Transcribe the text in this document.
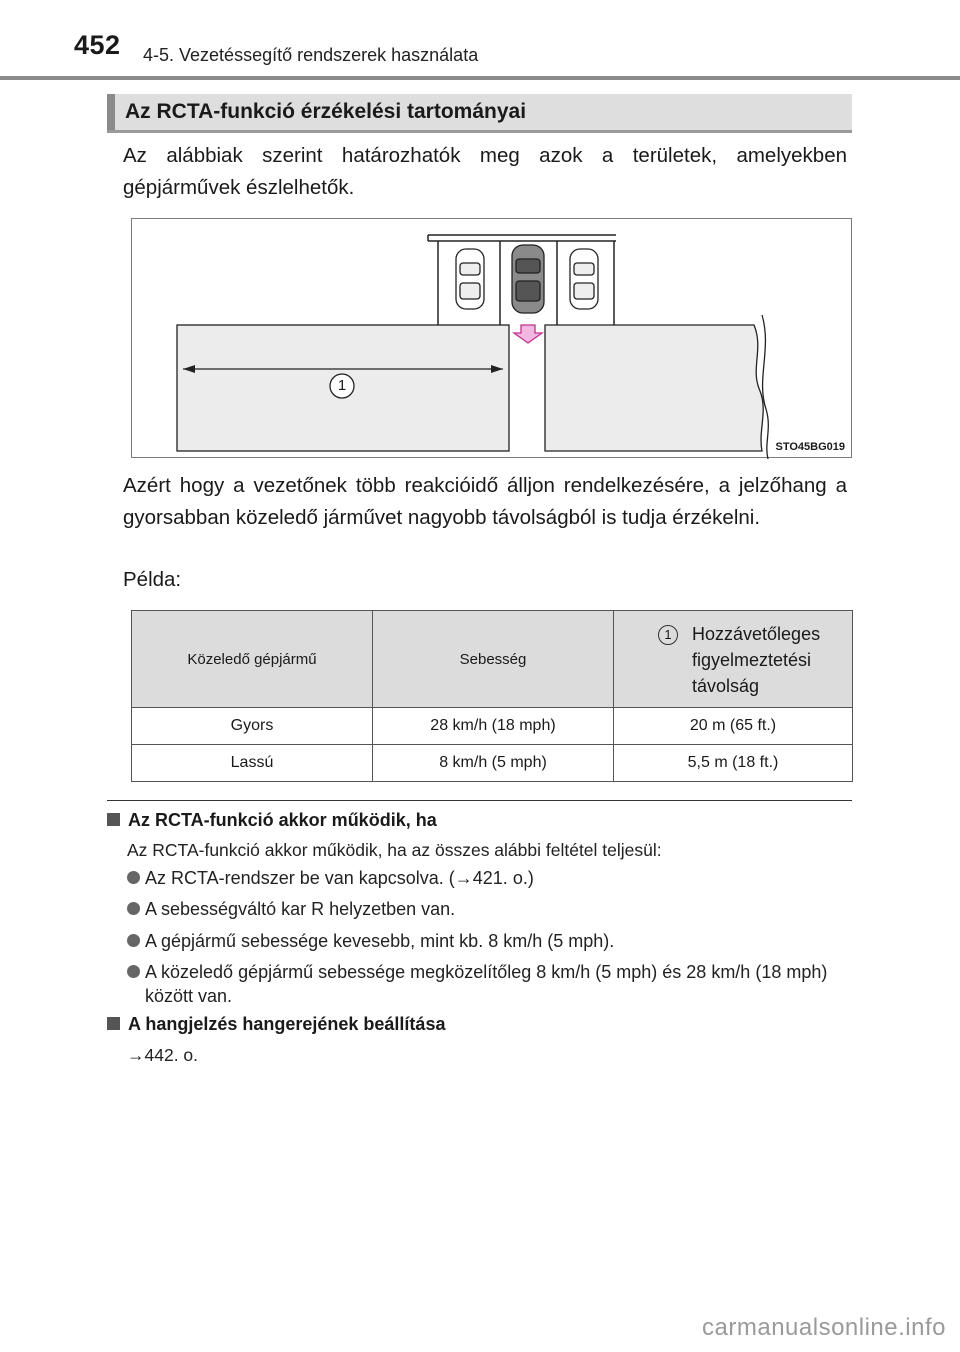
452 4-5. Vezetéssegítő rendszerek használata
Az RCTA-funkció érzékelési tartományai
Az alábbiak szerint határozhatók meg azok a területek, amelyekben gépjárművek észlelhetők.
1
STO45BG019
Azért hogy a vezetőnek több reakcióidő álljon rendelkezésére, a jelzőhang a gyorsabban közeledő járművet nagyobb távolságból is tudja érzékelni.
Példa:
Közeledő gépjármű	Sebesség	1 Hozzávetőleges figyelmeztetési távolság

Gyors	28 km/h (18 mph)	20 m (65 ft.)
Lassú	8 km/h (5 mph)	5,5 m (18 ft.)
Az RCTA-funkció akkor működik, ha
Az RCTA-funkció akkor működik, ha az összes alábbi feltétel teljesül:
Az RCTA-rendszer be van kapcsolva. (→421. o.)
A sebességváltó kar R helyzetben van.
A gépjármű sebessége kevesebb, mint kb. 8 km/h (5 mph).
A közeledő gépjármű sebessége megközelítőleg 8 km/h (5 mph) és 28 km/h (18 mph) között van.
A hangjelzés hangerejének beállítása
→442. o.
carmanualsonline.info
